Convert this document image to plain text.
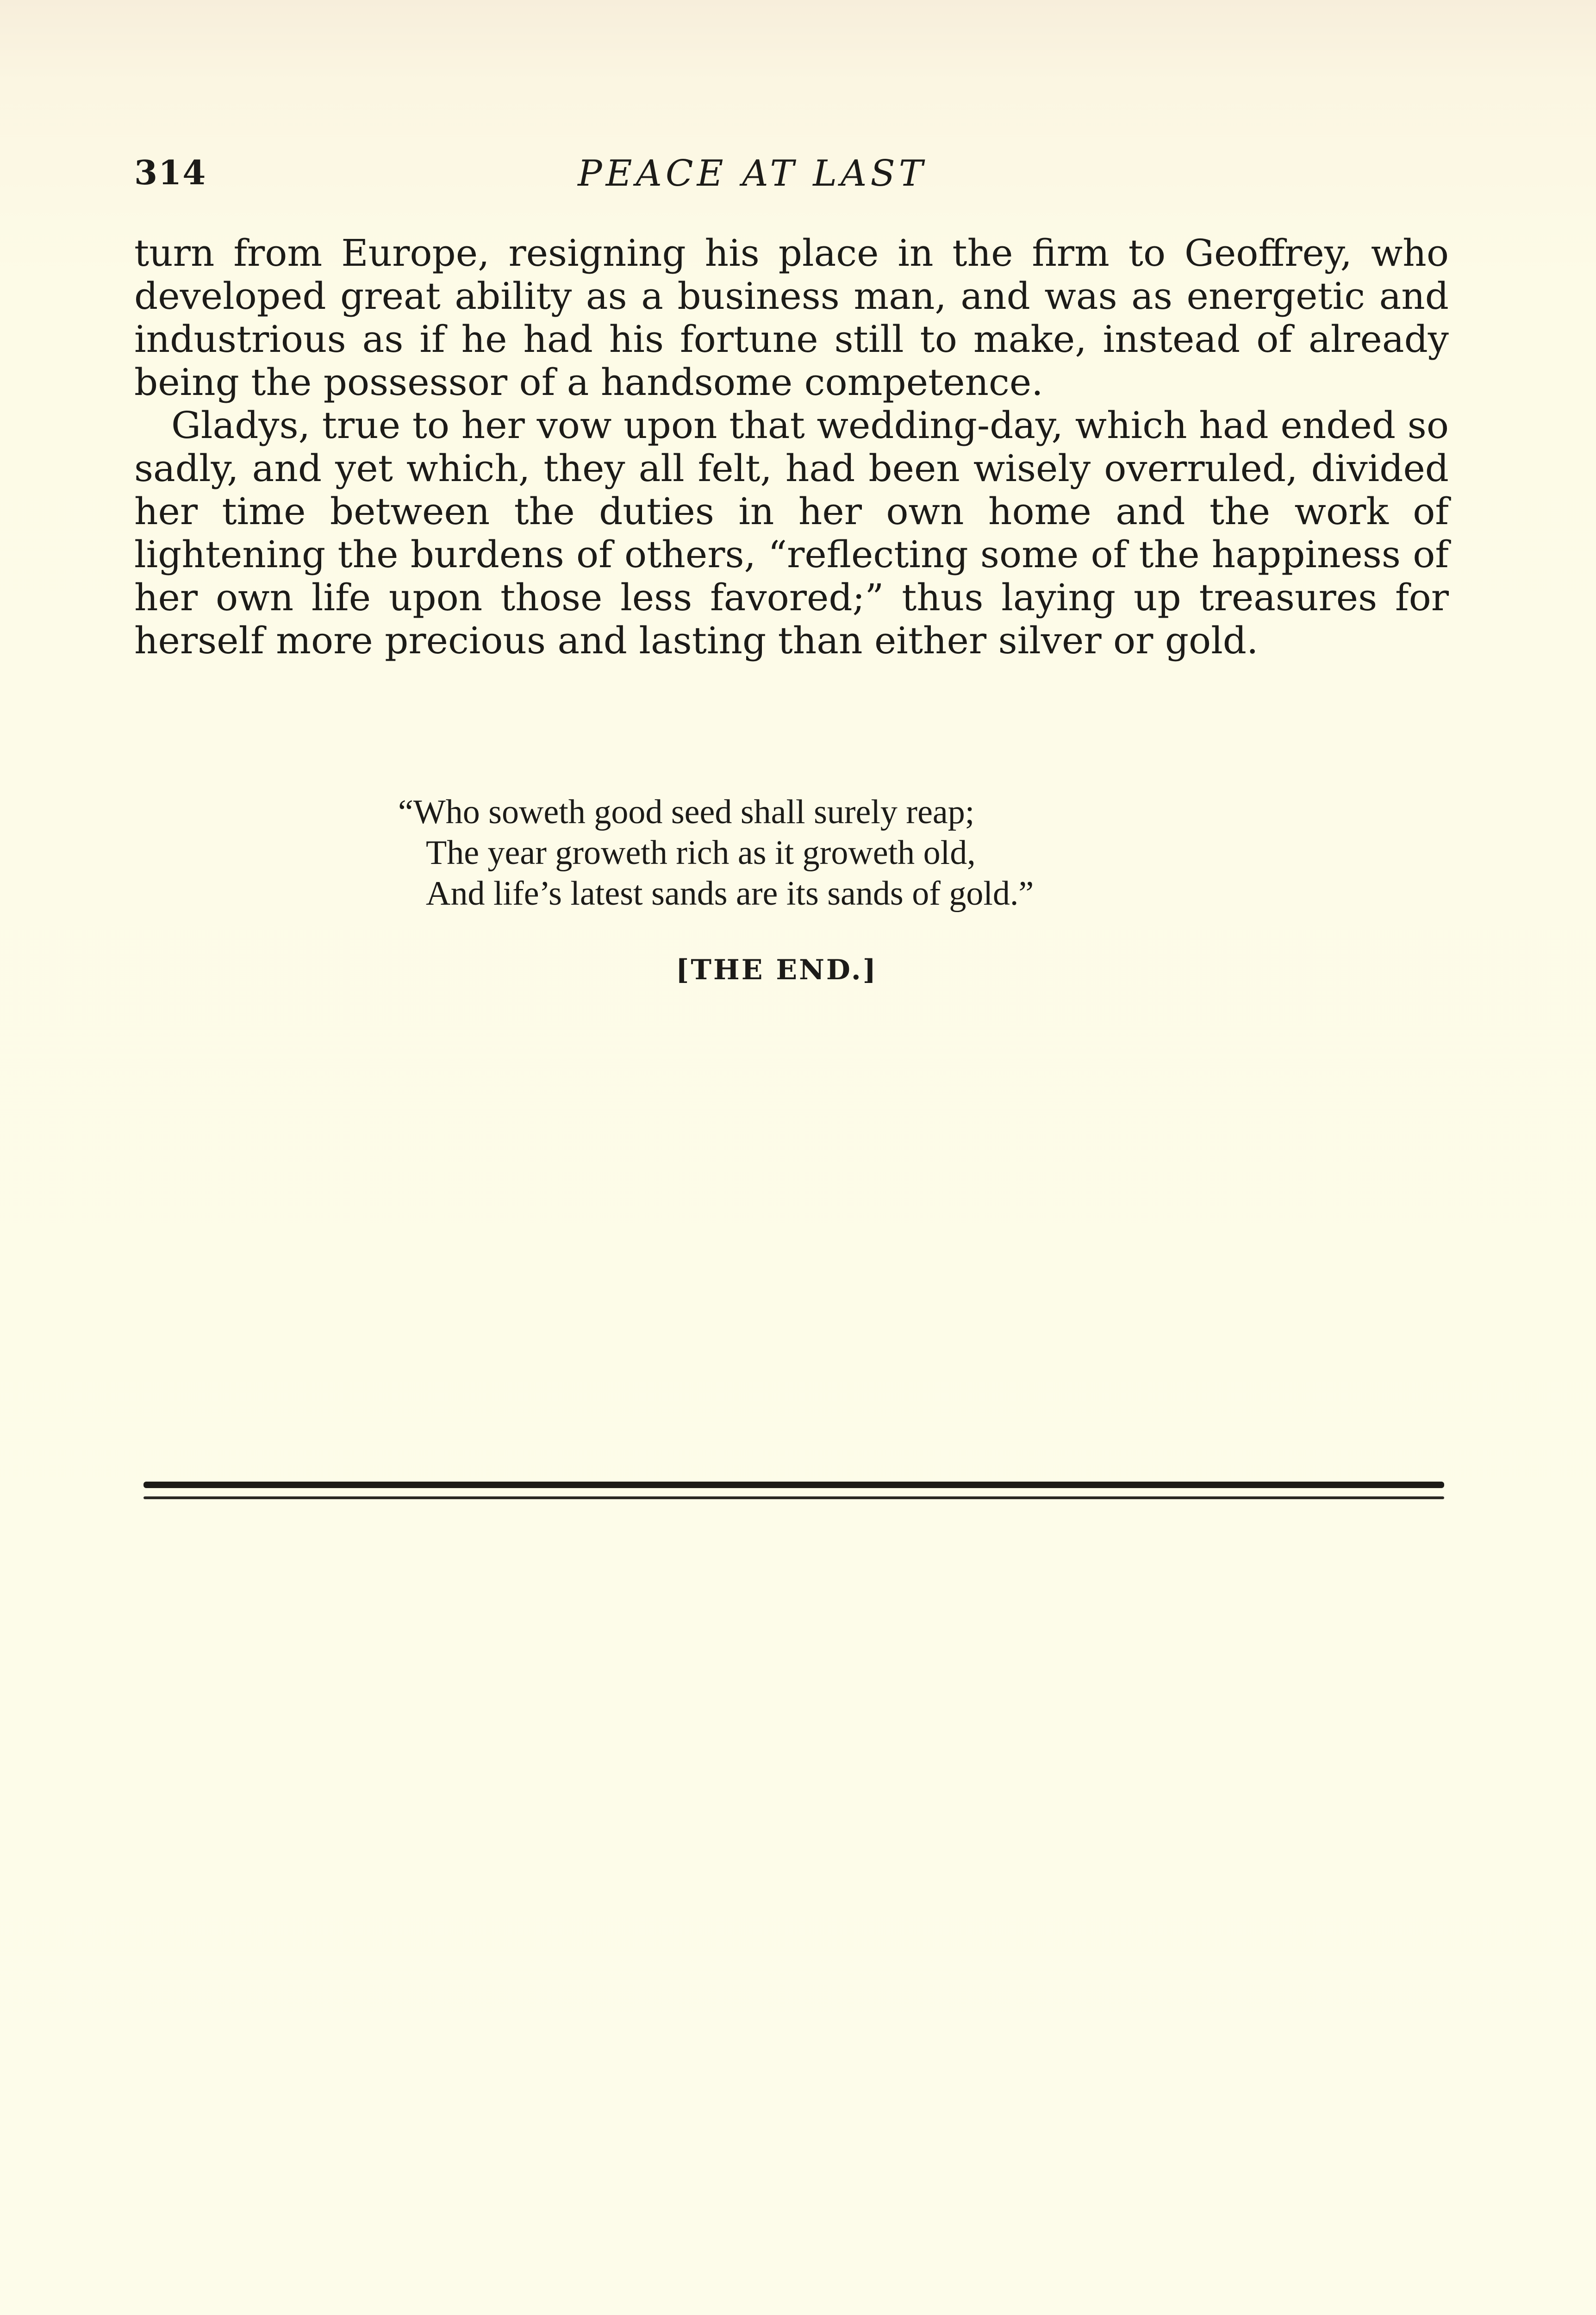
314	PEACE AT LAST

turn from Europe, resigning his place in the firm to Geoffrey, who developed great ability as a business man, and was as energetic and industrious as if he had his fortune still to make, instead of already being the possessor of a handsome competence.

Gladys, true to her vow upon that wedding-day, which had ended so sadly, and yet which, they all felt, had been wisely overruled, divided her time between the duties in her own home and the work of lightening the burdens of others, “reflecting some of the happiness of her own life upon those less favored;” thus laying up treasures for herself more precious and lasting than either silver or gold.

“Who soweth good seed shall surely reap;
The year groweth rich as it groweth old,
And life’s latest sands are its sands of gold.”
[THE END.]
